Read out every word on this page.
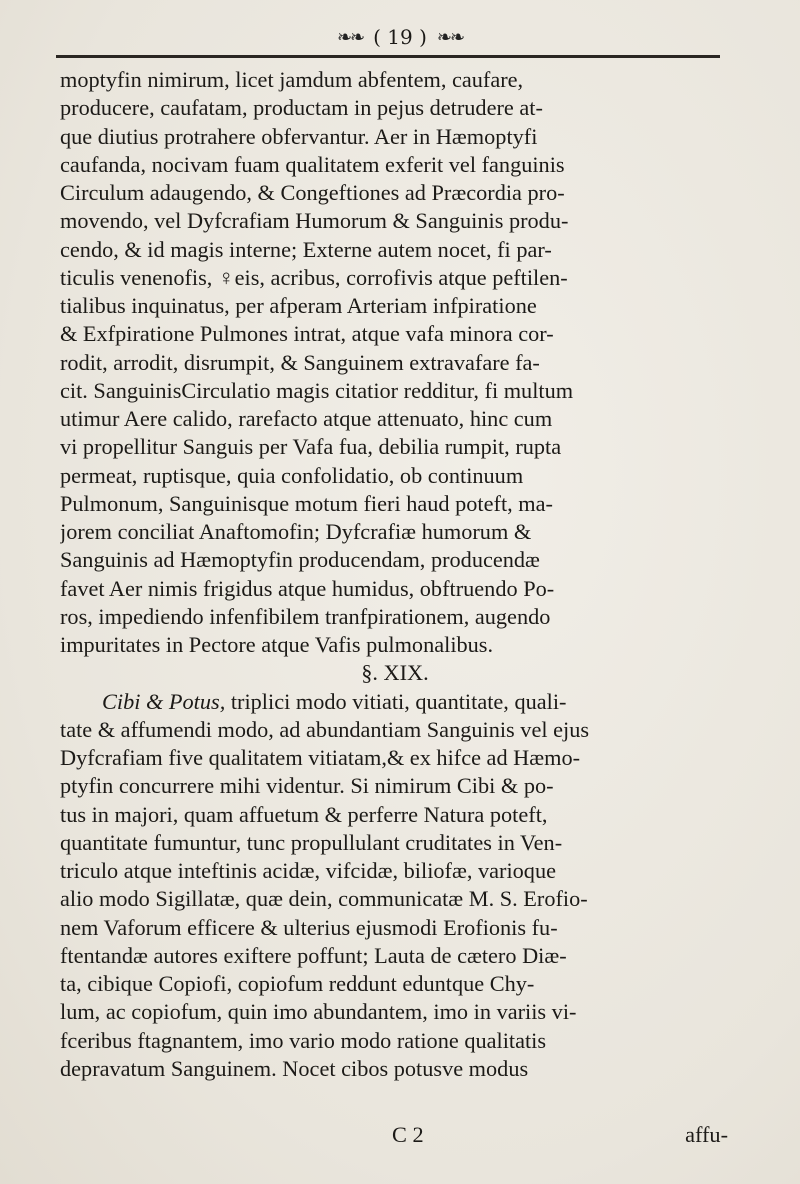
❧❧ ( 19 ) ❧❧
moptyfin nimirum, licet jamdum abfentem, caufare,
producere, caufatam, productam in pejus detrudere at-
que diutius protrahere obfervantur. Aer in Hæmoptyfi
caufanda, nocivam fuam qualitatem exferit vel fanguinis
Circulum adaugendo, & Congeftiones ad Præcordia pro-
movendo, vel Dyfcrafiam Humorum & Sanguinis produ-
cendo, & id magis interne; Externe autem nocet, fi par-
ticulis venenofis, ♀eis, acribus, corrofivis atque peftilen-
tialibus inquinatus, per afperam Arteriam infpiratione
& Exfpiratione Pulmones intrat, atque vafa minora cor-
rodit, arrodit, disrumpit, & Sanguinem extravafare fa-
cit. SanguinisCirculatio magis citatior redditur, fi multum
utimur Aere calido, rarefacto atque attenuato, hinc cum
vi propellitur Sanguis per Vafa fua, debilia rumpit, rupta
permeat, ruptisque, quia confolidatio, ob continuum
Pulmonum, Sanguinisque motum fieri haud poteft, ma-
jorem conciliat Anaftomofin; Dyfcrafiæ humorum &
Sanguinis ad Hæmoptyfin producendam, producendæ
favet Aer nimis frigidus atque humidus, obftruendo Po-
ros, impediendo infenfibilem tranfpirationem, augendo
impuritates in Pectore atque Vafis pulmonalibus.
§. XIX.
Cibi & Potus, triplici modo vitiati, quantitate, quali-
tate & affumendi modo, ad abundantiam Sanguinis vel ejus
Dyfcrafiam five qualitatem vitiatam,& ex hifce ad Hæmo-
ptyfin concurrere mihi videntur. Si nimirum Cibi & po-
tus in majori, quam affuetum & perferre Natura poteft,
quantitate fumuntur, tunc propullulant cruditates in Ven-
triculo atque inteftinis acidæ, vifcidæ, biliofæ, varioque
alio modo Sigillatæ, quæ dein, communicatæ M. S. Erofio-
nem Vaforum efficere & ulterius ejusmodi Erofionis fu-
ftentandæ autores exiftere poffunt; Lauta de cætero Diæ-
ta, cibique Copiofi, copiofum reddunt eduntque Chy-
lum, ac copiofum, quin imo abundantem, imo in variis vi-
fceribus ftagnantem, imo vario modo ratione qualitatis
depravatum Sanguinem. Nocet cibos potusve modus
C 2	affu-
